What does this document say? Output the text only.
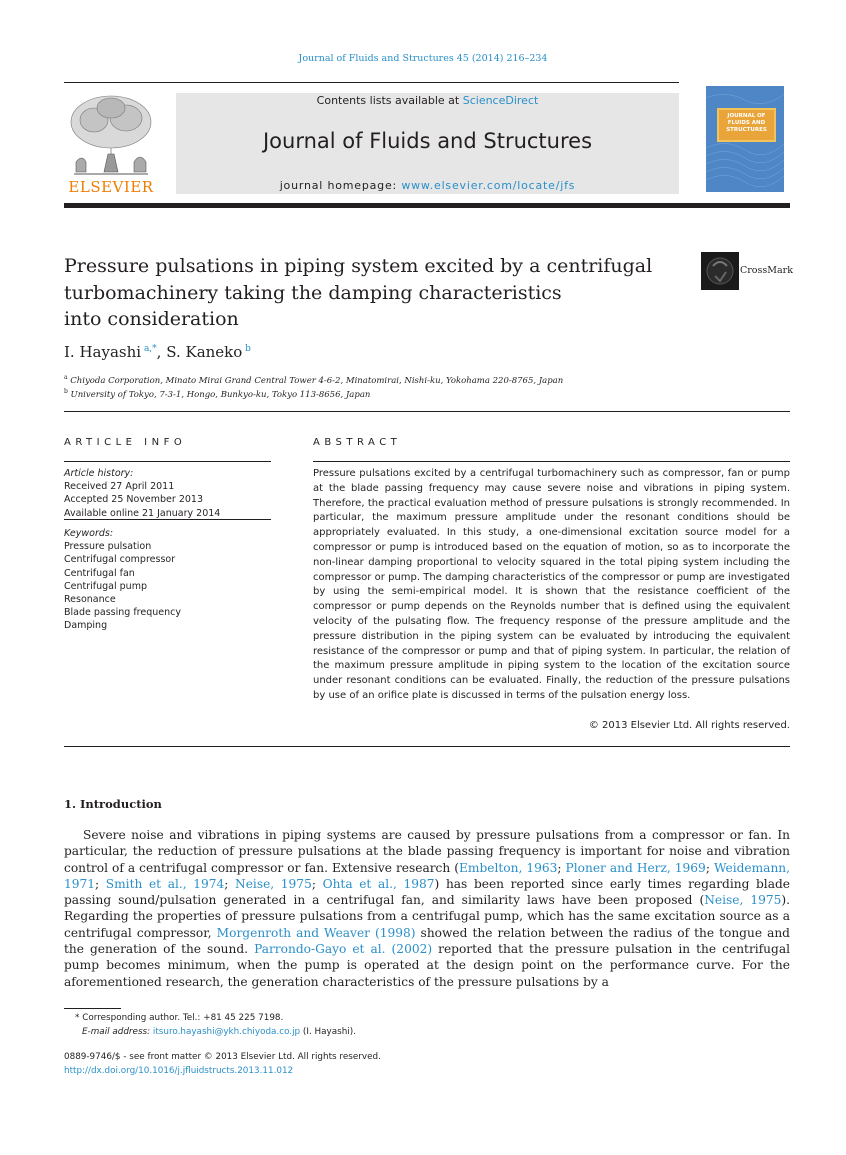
Journal of Fluids and Structures 45 (2014) 216–234
ELSEVIER
Contents lists available at ScienceDirect
Journal of Fluids and Structures
journal homepage: www.elsevier.com/locate/jfs
JOURNAL OF FLUIDS AND STRUCTURES
Pressure pulsations in piping system excited by a centrifugal
turbomachinery taking the damping characteristics
into consideration
CrossMark
I. Hayashi $^{a,*}$, S. Kaneko $^b$
$^a$ Chiyoda Corporation, Minato Mirai Grand Central Tower 4-6-2, Minatomirai, Nishi-ku, Yokohama 220-8765, Japan
$^b$ University of Tokyo, 7-3-1, Hongo, Bunkyo-ku, Tokyo 113-8656, Japan
ARTICLE INFO
Article history:
Received 27 April 2011
Accepted 25 November 2013
Available online 21 January 2014
Keywords:
Pressure pulsation
Centrifugal compressor
Centrifugal fan
Centrifugal pump
Resonance
Blade passing frequency
Damping
ABSTRACT
Pressure pulsations excited by a centrifugal turbomachinery such as compressor, fan or pump at the blade passing frequency may cause severe noise and vibrations in piping system. Therefore, the practical evaluation method of pressure pulsations is strongly recommended. In particular, the maximum pressure amplitude under the resonant conditions should be appropriately evaluated. In this study, a one-dimensional excitation source model for a compressor or pump is introduced based on the equation of motion, so as to incorporate the non-linear damping proportional to velocity squared in the total piping system including the compressor or pump. The damping characteristics of the compressor or pump are investigated by using the semi-empirical model. It is shown that the resistance coefficient of the compressor or pump depends on the Reynolds number that is defined using the equivalent velocity of the pulsating flow. The frequency response of the pressure amplitude and the pressure distribution in the piping system can be evaluated by introducing the equivalent resistance of the compressor or pump and that of piping system. In particular, the relation of the maximum pressure amplitude in piping system to the location of the excitation source under resonant conditions can be evaluated. Finally, the reduction of the pressure pulsations by use of an orifice plate is discussed in terms of the pulsation energy loss.
© 2013 Elsevier Ltd. All rights reserved.
1. Introduction
Severe noise and vibrations in piping systems are caused by pressure pulsations from a compressor or fan. In particular, the reduction of pressure pulsations at the blade passing frequency is important for noise and vibration control of a centrifugal compressor or fan. Extensive research (Embelton, 1963; Ploner and Herz, 1969; Weidemann, 1971; Smith et al., 1974; Neise, 1975; Ohta et al., 1987) has been reported since early times regarding blade passing sound/pulsation generated in a centrifugal fan, and similarity laws have been proposed (Neise, 1975). Regarding the properties of pressure pulsations from a centrifugal pump, which has the same excitation source as a centrifugal compressor, Morgenroth and Weaver (1998) showed the relation between the radius of the tongue and the generation of the sound. Parrondo-Gayo et al. (2002) reported that the pressure pulsation in the centrifugal pump becomes minimum, when the pump is operated at the design point on the performance curve. For the aforementioned research, the generation characteristics of the pressure pulsations by a
* Corresponding author. Tel.: +81 45 225 7198.
E-mail address: itsuro.hayashi@ykh.chiyoda.co.jp (I. Hayashi).
0889-9746/$ - see front matter © 2013 Elsevier Ltd. All rights reserved.
http://dx.doi.org/10.1016/j.jfluidstructs.2013.11.012
